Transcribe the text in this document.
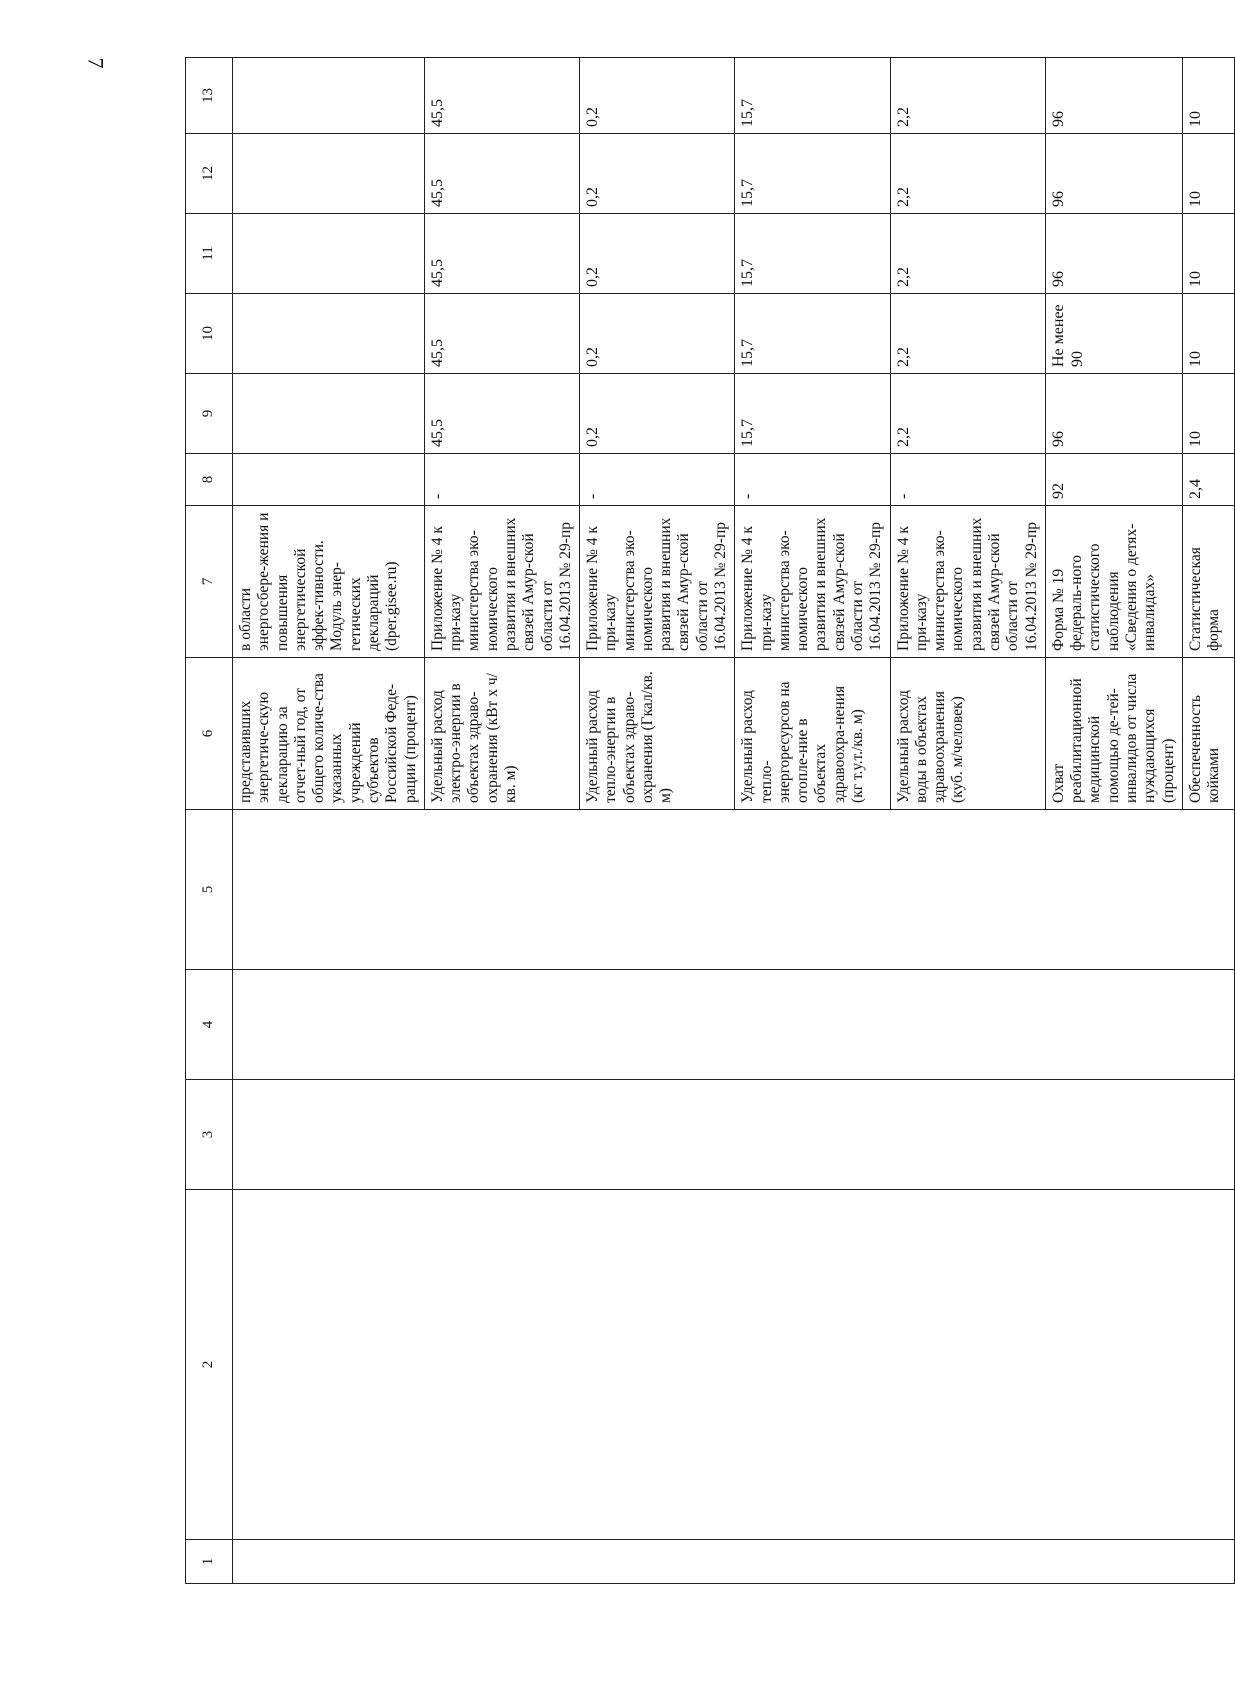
7
1	2	3	4	5	6	7	8	9	10	11	12	13
					представивших энергетиче-скую декларацию за отчет-ный год, от общего количе-ства указанных учреждений субъектов Российской Феде-рации (процент)	в области энергосбере-жения и повышения энергетической эффек-тивности. Модуль энер-гетических деклараций (dper.gisee.ru)						
					Удельный расход электро-энергии в объектах здраво-охранения (кВт х ч/кв. м)	Приложение № 4 к при-казу министерства эко-номического развития и внешних связей Амур-ской области от 16.04.2013 № 29-пр	-	45,5	45,5	45,5	45,5	45,5
					Удельный расход тепло-энергии в объектах здраво-охранения (Гкал/кв. м)	Приложение № 4 к при-казу министерства эко-номического развития и внешних связей Амур-ской области от 16.04.2013 № 29-пр	-	0,2	0,2	0,2	0,2	0,2
					Удельный расход тепло-энергоресурсов на отопле-ние в объектах здравоохра-нения (кг т.у.т./кв. м)	Приложение № 4 к при-казу министерства эко-номического развития и внешних связей Амур-ской области от 16.04.2013 № 29-пр	-	15,7	15,7	15,7	15,7	15,7
					Удельный расход воды в объектах здравоохранения (куб. м/человек)	Приложение № 4 к при-казу министерства эко-номического развития и внешних связей Амур-ской области от 16.04.2013 № 29-пр	-	2,2	2,2	2,2	2,2	2,2
					Охват реабилитационной медицинской помощью де-тей-инвалидов от числа нуждающихся (процент)	Форма № 19 федераль-ного статистического наблюдения «Сведения о детях-инвалидах»	92	96	Не менее 90	96	96	96
					Обеспеченность койками	Статистическая форма	2,4	10	10	10	10	10
